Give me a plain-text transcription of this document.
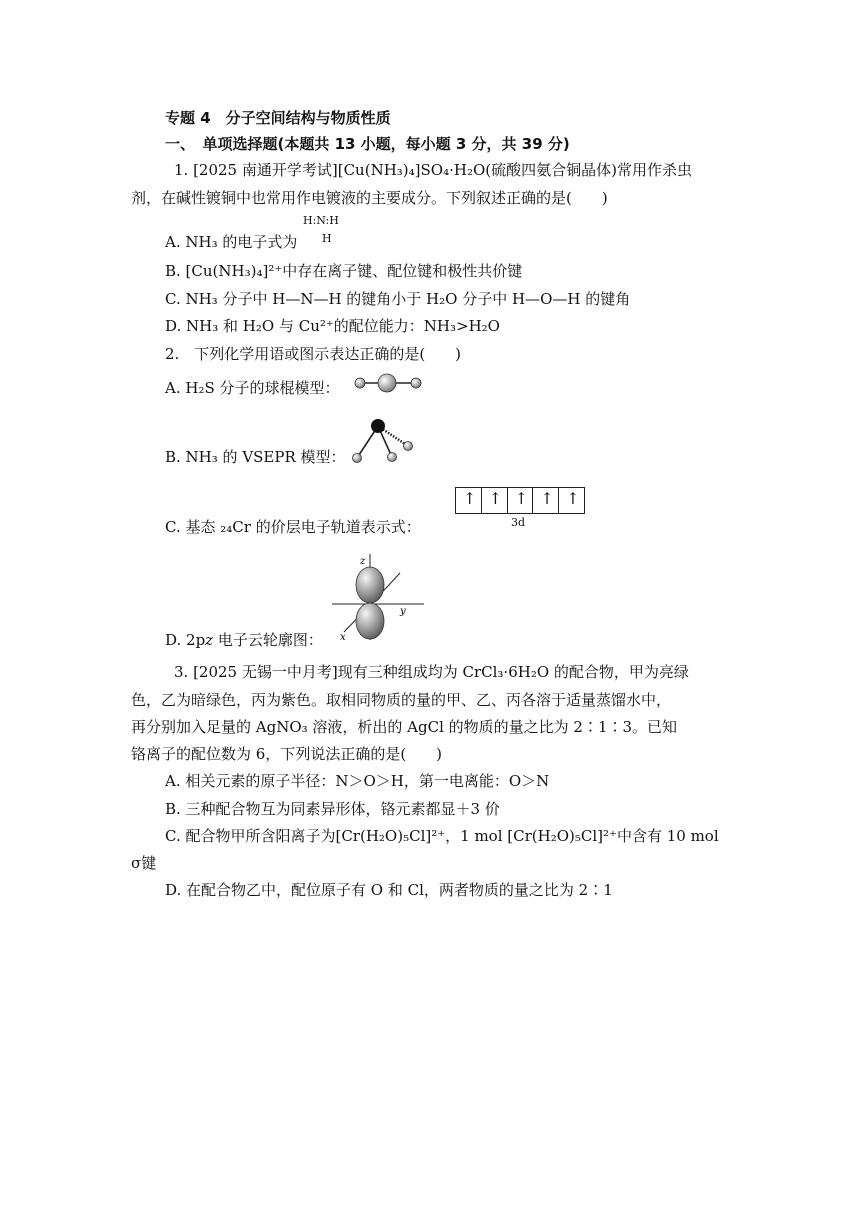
专题 4　分子空间结构与物质性质
一、　单项选择题(本题共 13 小题，每小题 3 分，共 39 分)
1. [2025 南通开学考试][Cu(NH₃)₄]SO₄·H₂O(硫酸四氨合铜晶体)常用作杀虫
剂，在碱性镀铜中也常用作电镀液的主要成分。下列叙述正确的是(　　)
A. NH₃ 的电子式为
H:N:H
H
B. [Cu(NH₃)₄]²⁺中存在离子键、配位键和极性共价键
C. NH₃ 分子中 H—N—H 的键角小于 H₂O 分子中 H—O—H 的键角
D. NH₃ 和 H₂O 与 Cu²⁺的配位能力：NH₃>H₂O
2.　下列化学用语或图示表达正确的是(　　)
A. H₂S 分子的球棍模型：
B. NH₃ 的 VSEPR 模型：
C. 基态 ₂₄Cr 的价层电子轨道表示式：
↑ ↑ ↑ ↑ ↑
3d
D. 2p𝑧 电子云轮廓图：
z
y
x
3. [2025 无锡一中月考]现有三种组成均为 CrCl₃·6H₂O 的配合物，甲为亮绿
色，乙为暗绿色，丙为紫色。取相同物质的量的甲、乙、丙各溶于适量蒸馏水中，
再分别加入足量的 AgNO₃ 溶液，析出的 AgCl 的物质的量之比为 2∶1∶3。已知
铬离子的配位数为 6，下列说法正确的是(　　)
A. 相关元素的原子半径：N＞O＞H，第一电离能：O＞N
B. 三种配合物互为同素异形体，铬元素都显＋3 价
C. 配合物甲所含阳离子为[Cr(H₂O)₅Cl]²⁺，1 mol [Cr(H₂O)₅Cl]²⁺中含有 10 mol
σ键
D. 在配合物乙中，配位原子有 O 和 Cl，两者物质的量之比为 2∶1
